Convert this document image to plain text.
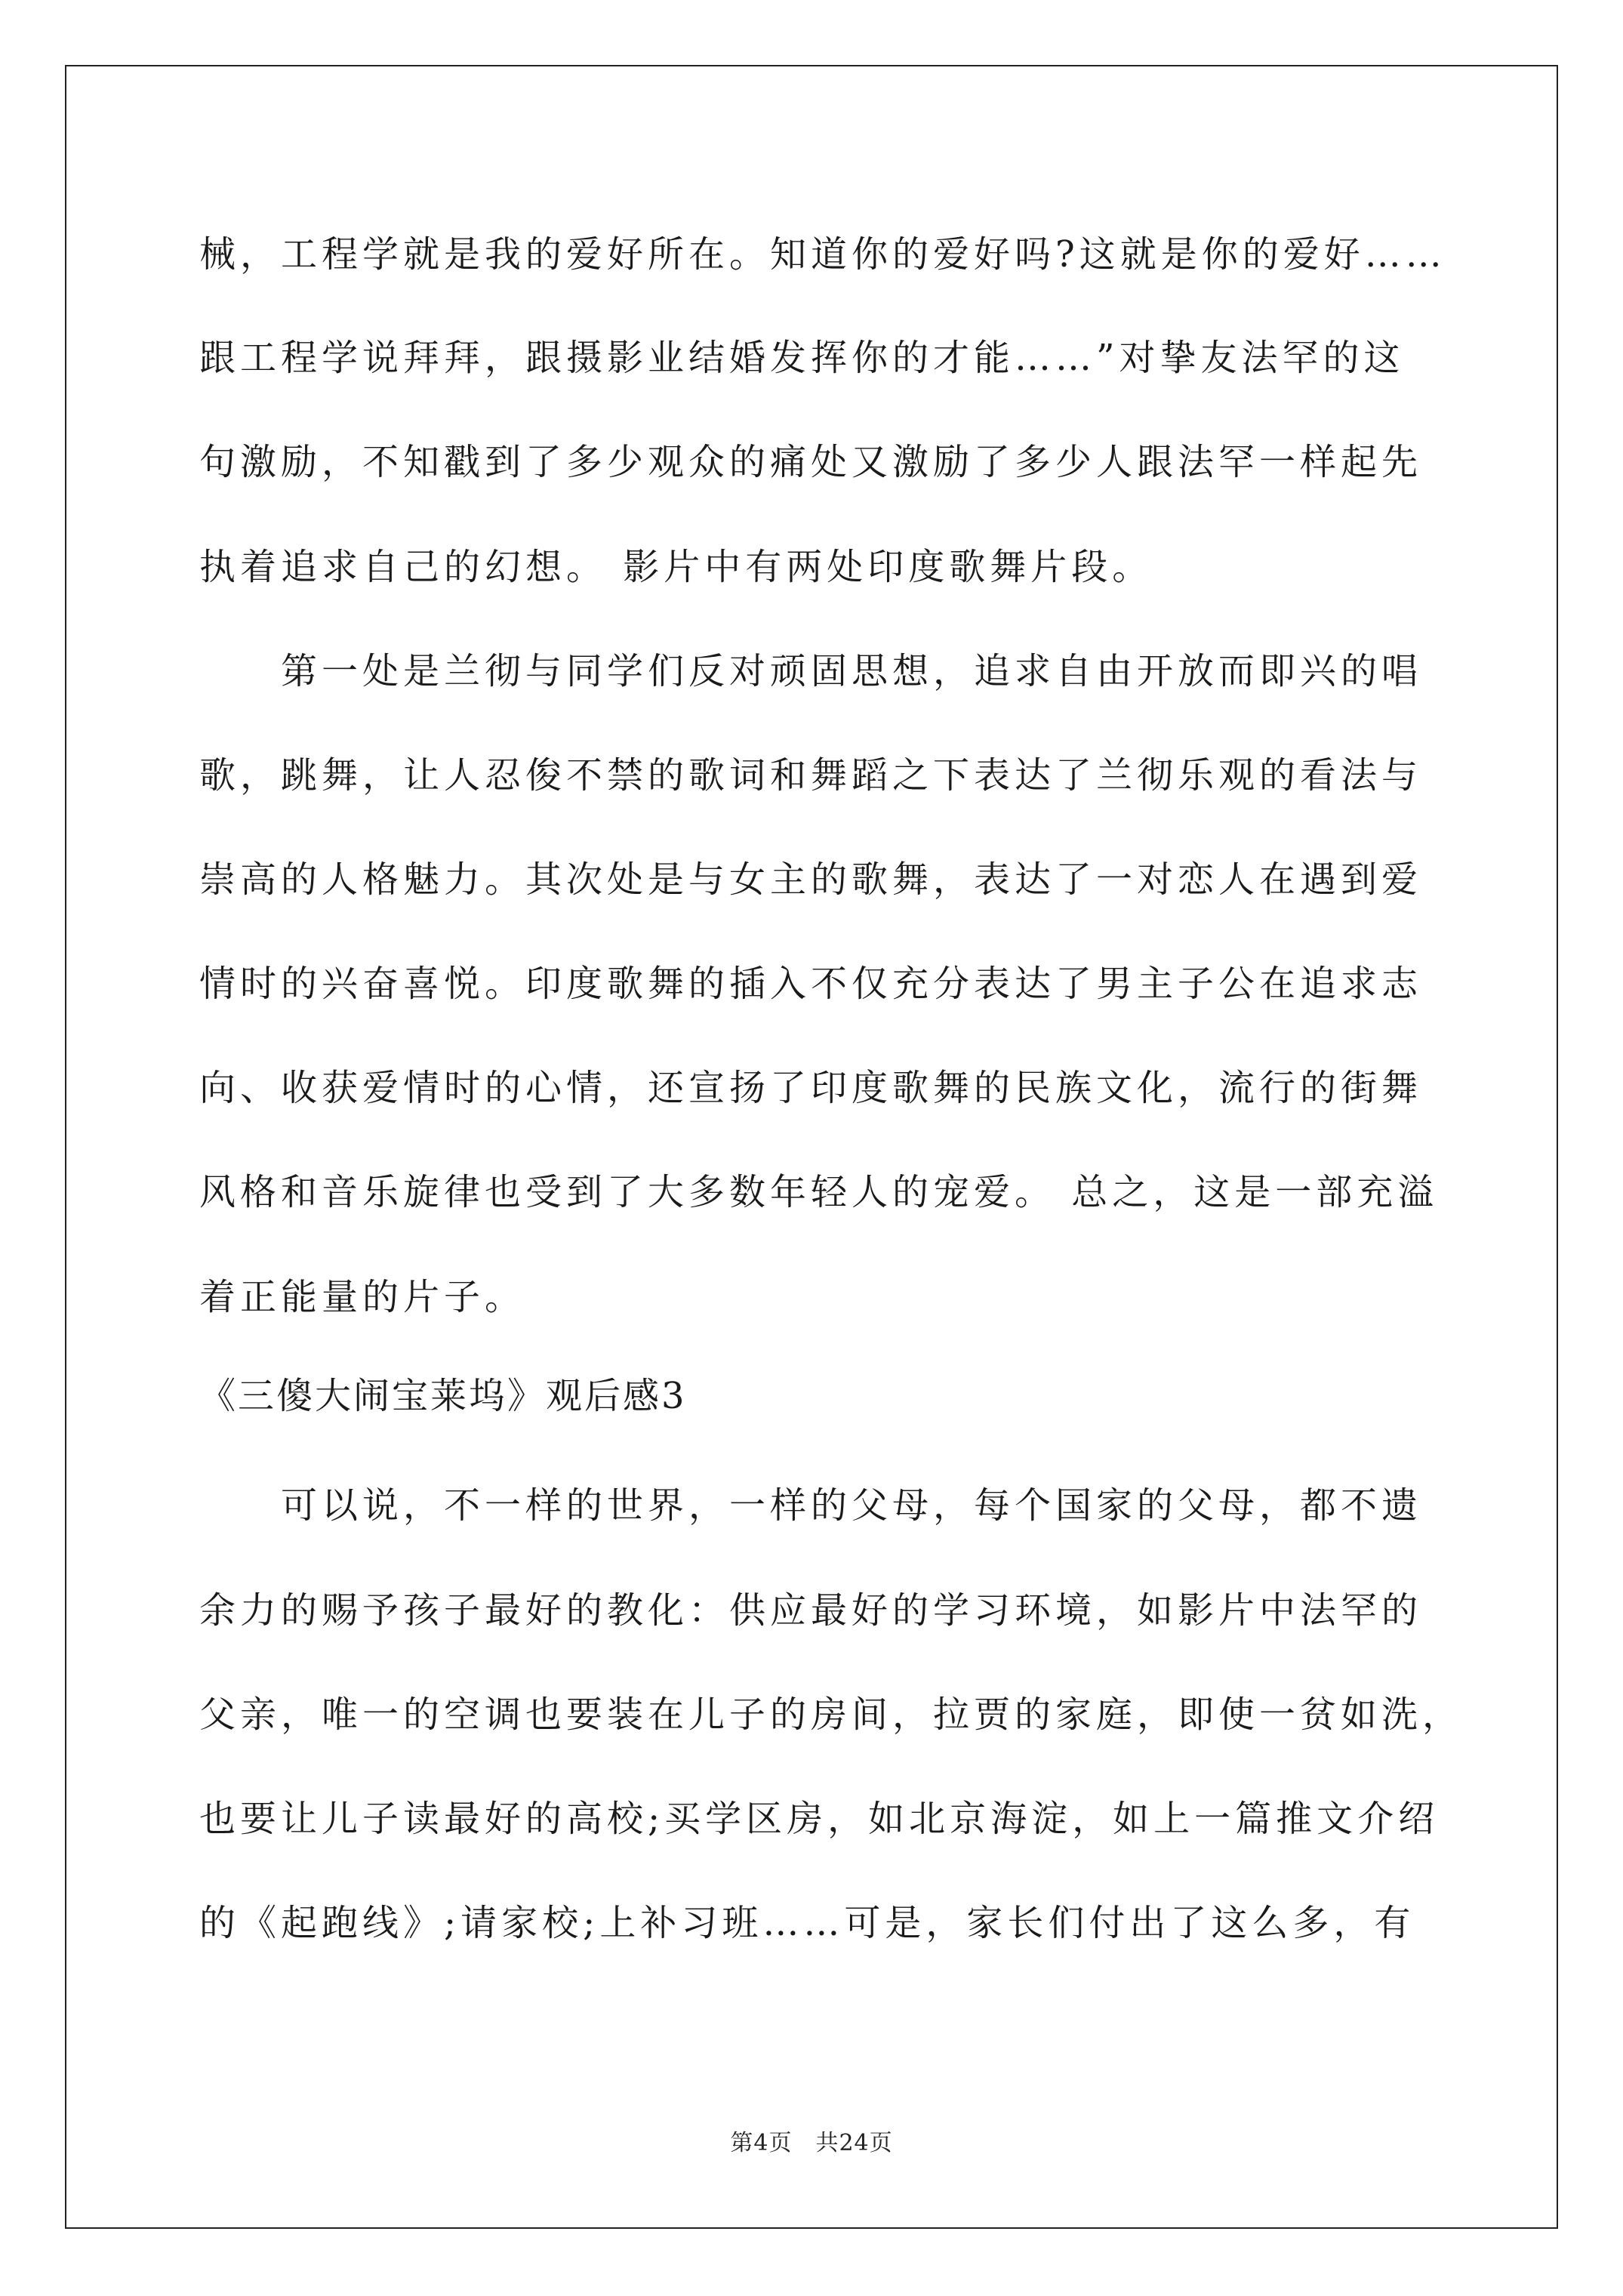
械，工程学就是我的爱好所在。知道你的爱好吗?这就是你的爱好……
跟工程学说拜拜，跟摄影业结婚发挥你的才能……”对挚友法罕的这
句激励，不知戳到了多少观众的痛处又激励了多少人跟法罕一样起先
执着追求自己的幻想。 影片中有两处印度歌舞片段。
　　第一处是兰彻与同学们反对顽固思想，追求自由开放而即兴的唱
歌，跳舞，让人忍俊不禁的歌词和舞蹈之下表达了兰彻乐观的看法与
崇高的人格魅力。其次处是与女主的歌舞，表达了一对恋人在遇到爱
情时的兴奋喜悦。印度歌舞的插入不仅充分表达了男主子公在追求志
向、收获爱情时的心情，还宣扬了印度歌舞的民族文化，流行的街舞
风格和音乐旋律也受到了大多数年轻人的宠爱。 总之，这是一部充溢
着正能量的片子。
《三傻大闹宝莱坞》观后感3
　　可以说，不一样的世界，一样的父母，每个国家的父母，都不遗
余力的赐予孩子最好的教化：供应最好的学习环境，如影片中法罕的
父亲，唯一的空调也要装在儿子的房间，拉贾的家庭，即使一贫如洗，
也要让儿子读最好的高校;买学区房，如北京海淀，如上一篇推文介绍
的《起跑线》;请家校;上补习班……可是，家长们付出了这么多，有
第4页　共24页
